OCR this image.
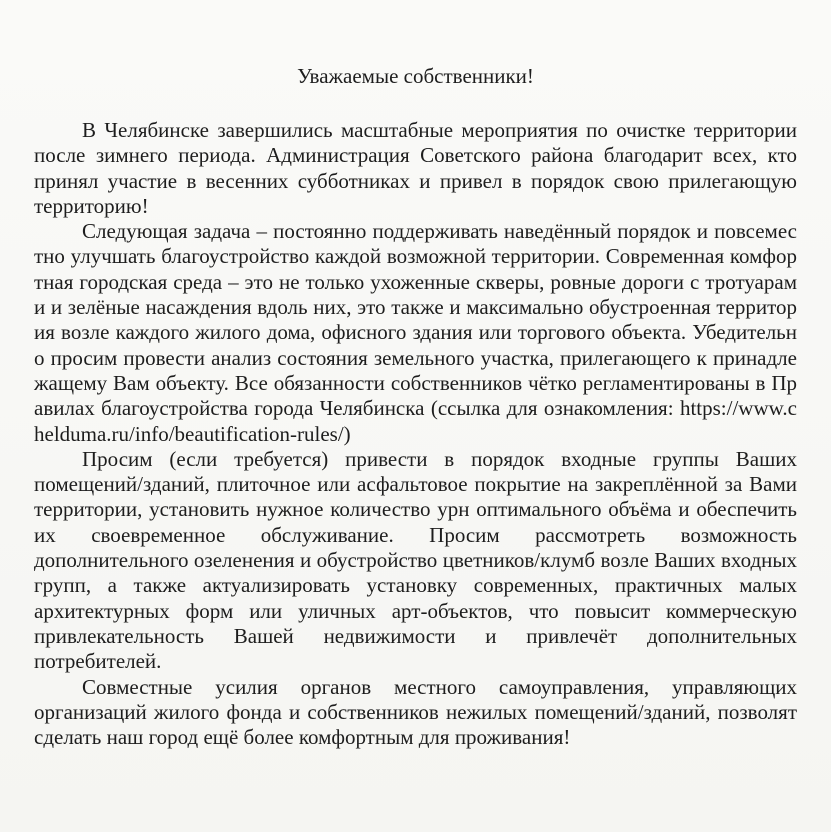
Уважаемые собственники!

В Челябинске завершились масштабные мероприятия по очистке территории после зимнего периода. Администрация Советского района благодарит всех, кто принял участие в весенних субботниках и привел в порядок свою прилегающую территорию!

Следующая задача – постоянно поддерживать наведённый порядок и повсеместно улучшать благоустройство каждой возможной территории. Современная комфортная городская среда – это не только ухоженные скверы, ровные дороги с тротуарами и зелёные насаждения вдоль них, это также и максимально обустроенная территория возле каждого жилого дома, офисного здания или торгового объекта. Убедительно просим провести анализ состояния земельного участка, прилегающего к принадлежащему Вам объекту. Все обязанности собственников чётко регламентированы в Правилах благоустройства города Челябинска (ссылка для ознакомления: https://www.chelduma.ru/info/beautification-rules/)

Просим (если требуется) привести в порядок входные группы Ваших помещений/зданий, плиточное или асфальтовое покрытие на закреплённой за Вами территории, установить нужное количество урн оптимального объёма и обеспечить их своевременное обслуживание. Просим рассмотреть возможность дополнительного озеленения и обустройство цветников/клумб возле Ваших входных групп, а также актуализировать установку современных, практичных малых архитектурных форм или уличных арт-объектов, что повысит коммерческую привлекательность Вашей недвижимости и привлечёт дополнительных потребителей.

Совместные усилия органов местного самоуправления, управляющих организаций жилого фонда и собственников нежилых помещений/зданий, позволят сделать наш город ещё более комфортным для проживания!
